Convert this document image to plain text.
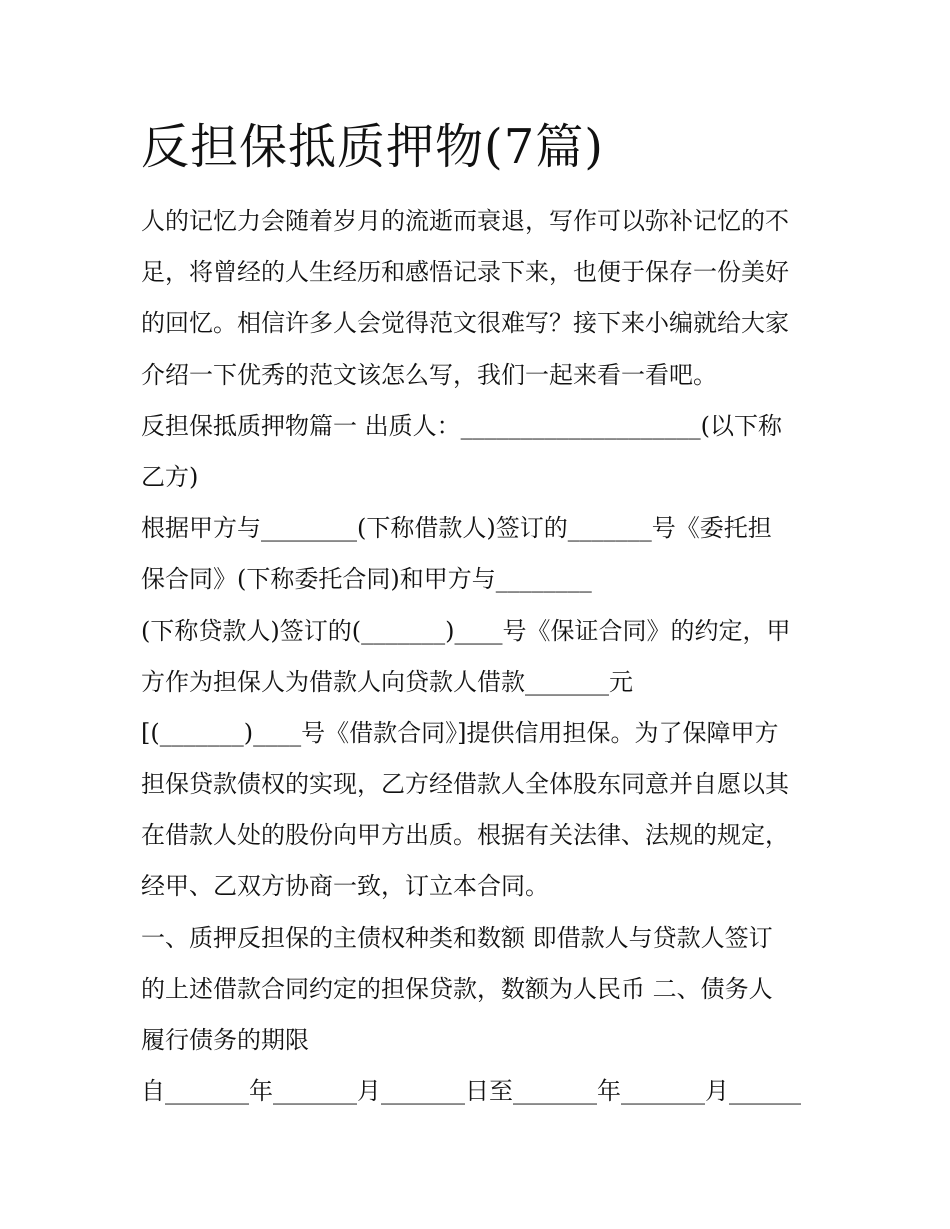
反担保抵质押物(7篇)

人的记忆力会随着岁月的流逝而衰退，写作可以弥补记忆的不

足，将曾经的人生经历和感悟记录下来，也便于保存一份美好

的回忆。相信许多人会觉得范文很难写？接下来小编就给大家

介绍一下优秀的范文该怎么写，我们一起来看一看吧。

反担保抵质押物篇一 出质人：____________________(以下称

乙方)

根据甲方与________(下称借款人)签订的_______号《委托担

保合同》(下称委托合同)和甲方与________

(下称贷款人)签订的(_______)____号《保证合同》的约定，甲

方作为担保人为借款人向贷款人借款_______元

[(_______)____号《借款合同》]提供信用担保。为了保障甲方

担保贷款债权的实现，乙方经借款人全体股东同意并自愿以其

在借款人处的股份向甲方出质。根据有关法律、法规的规定，

经甲、乙双方协商一致，订立本合同。

一、质押反担保的主债权种类和数额 即借款人与贷款人签订

的上述借款合同约定的担保贷款，数额为人民币 二、债务人

履行债务的期限

自_______年_______月_______日至_______年_______月______
